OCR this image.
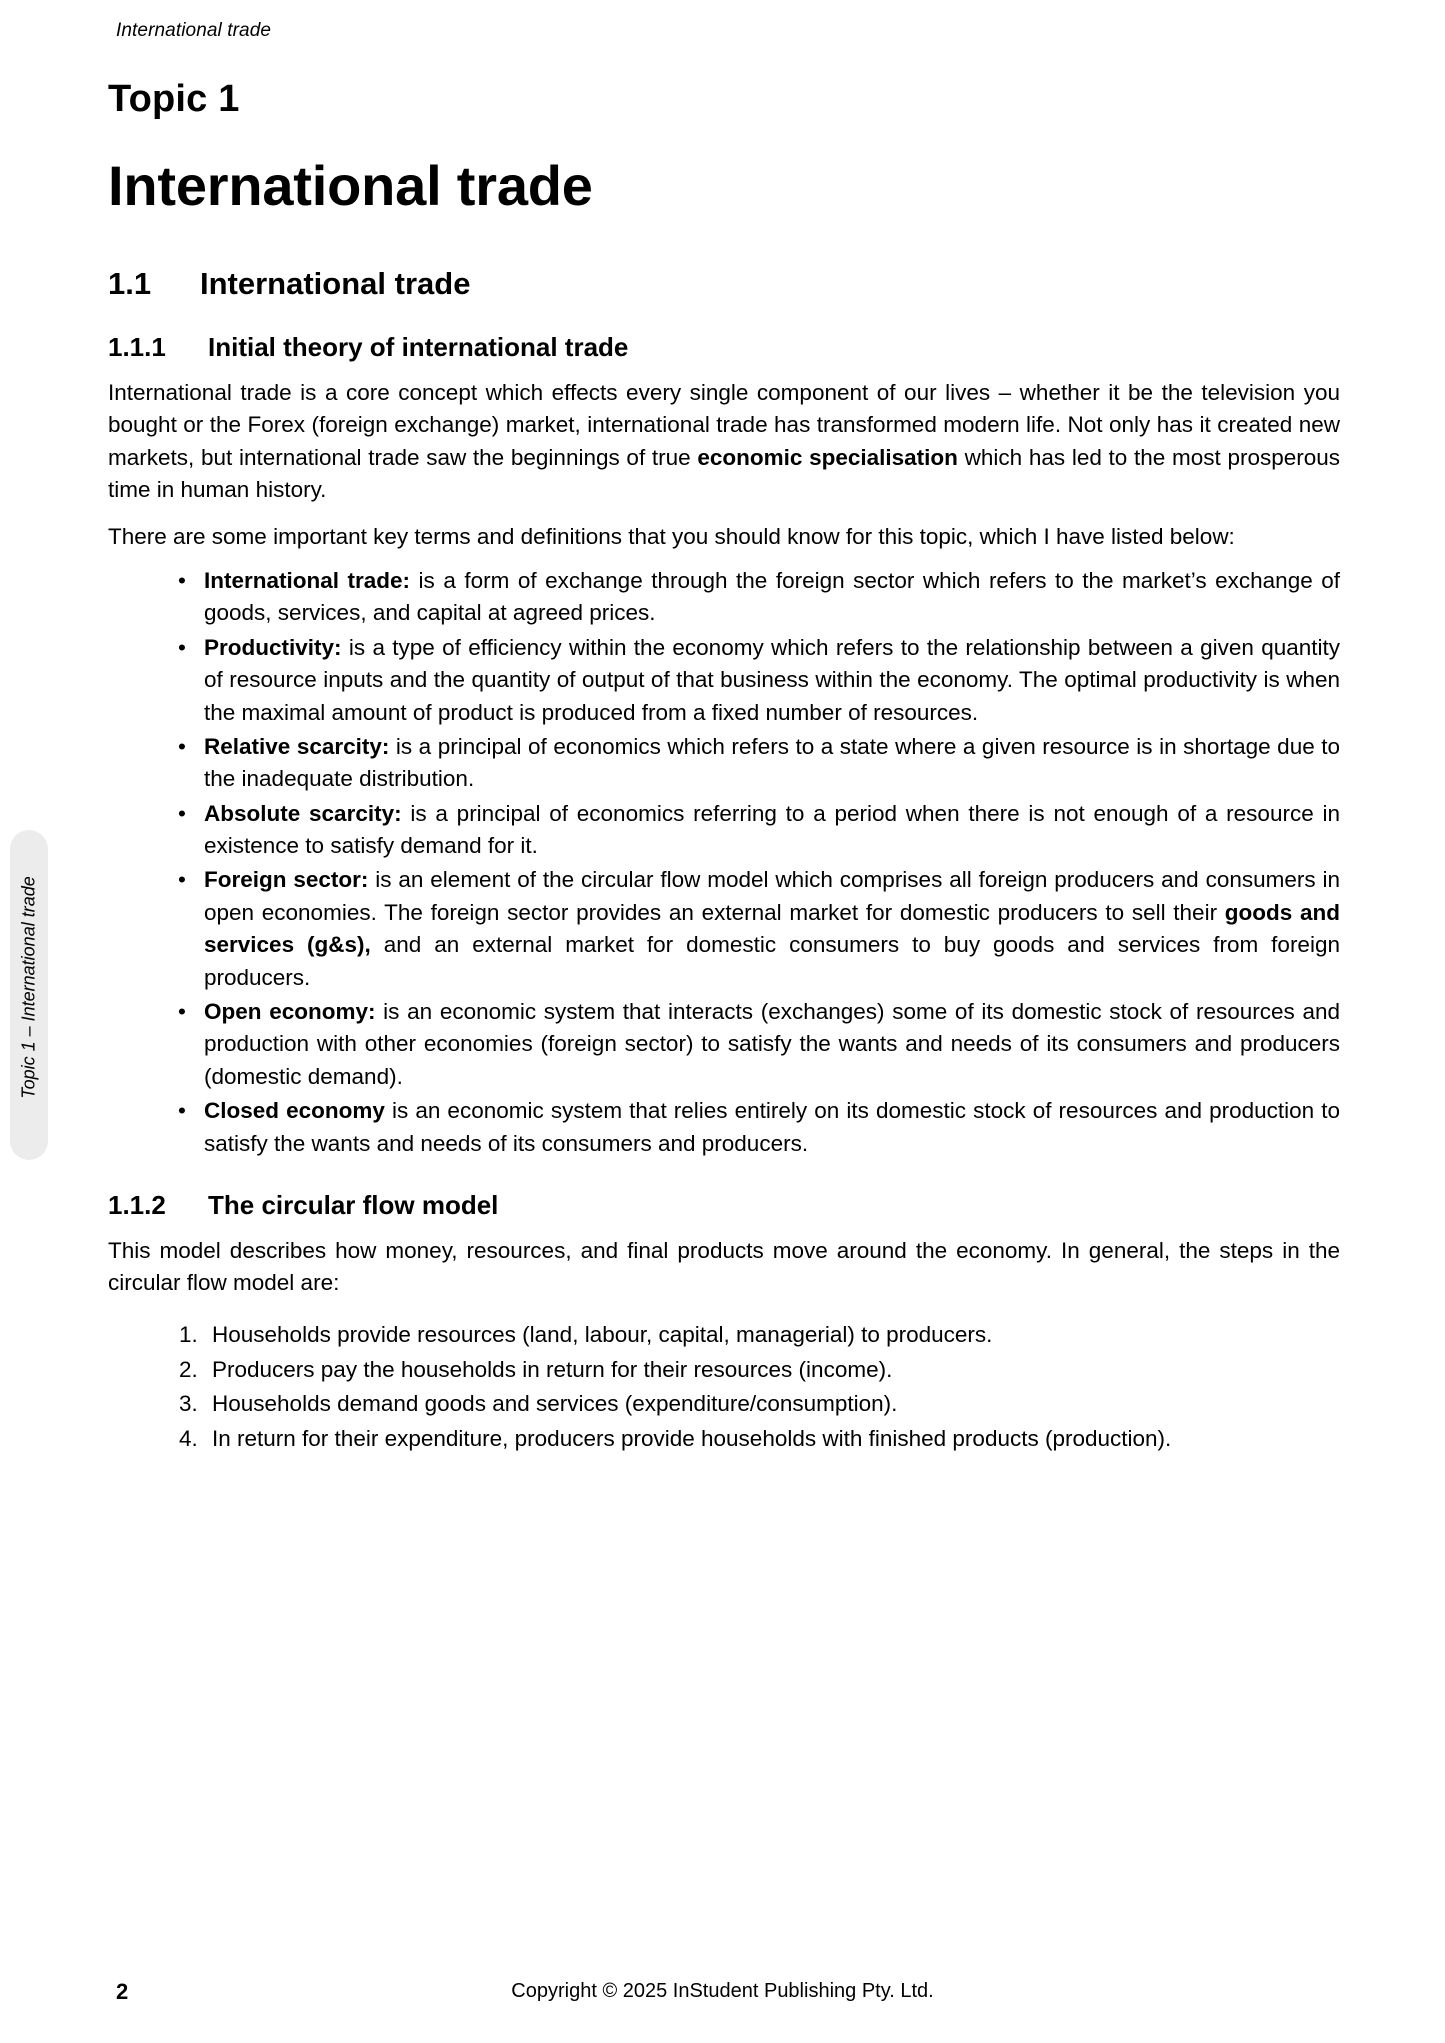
International trade
Topic 1 – International trade
Topic 1
International trade
1.1 International trade
1.1.1 Initial theory of international trade

International trade is a core concept which effects every single component of our lives – whether it be the television you bought or the Forex (foreign exchange) market, international trade has transformed modern life. Not only has it created new markets, but international trade saw the beginnings of true economic specialisation which has led to the most prosperous time in human history.

There are some important key terms and definitions that you should know for this topic, which I have listed below:

• International trade: is a form of exchange through the foreign sector which refers to the market’s exchange of goods, services, and capital at agreed prices.
• Productivity: is a type of efficiency within the economy which refers to the relationship between a given quantity of resource inputs and the quantity of output of that business within the economy. The optimal productivity is when the maximal amount of product is produced from a fixed number of resources.
• Relative scarcity: is a principal of economics which refers to a state where a given resource is in shortage due to the inadequate distribution.
• Absolute scarcity: is a principal of economics referring to a period when there is not enough of a resource in existence to satisfy demand for it.
• Foreign sector: is an element of the circular flow model which comprises all foreign producers and consumers in open economies. The foreign sector provides an external market for domestic producers to sell their goods and services (g&s), and an external market for domestic consumers to buy goods and services from foreign producers.
• Open economy: is an economic system that interacts (exchanges) some of its domestic stock of resources and production with other economies (foreign sector) to satisfy the wants and needs of its consumers and producers (domestic demand).
• Closed economy is an economic system that relies entirely on its domestic stock of resources and production to satisfy the wants and needs of its consumers and producers.
1.1.2 The circular flow model

This model describes how money, resources, and final products move around the economy. In general, the steps in the circular flow model are:

1. Households provide resources (land, labour, capital, managerial) to producers.
2. Producers pay the households in return for their resources (income).
3. Households demand goods and services (expenditure/consumption).
4. In return for their expenditure, producers provide households with finished products (production).
2	Copyright © 2025 InStudent Publishing Pty. Ltd.
